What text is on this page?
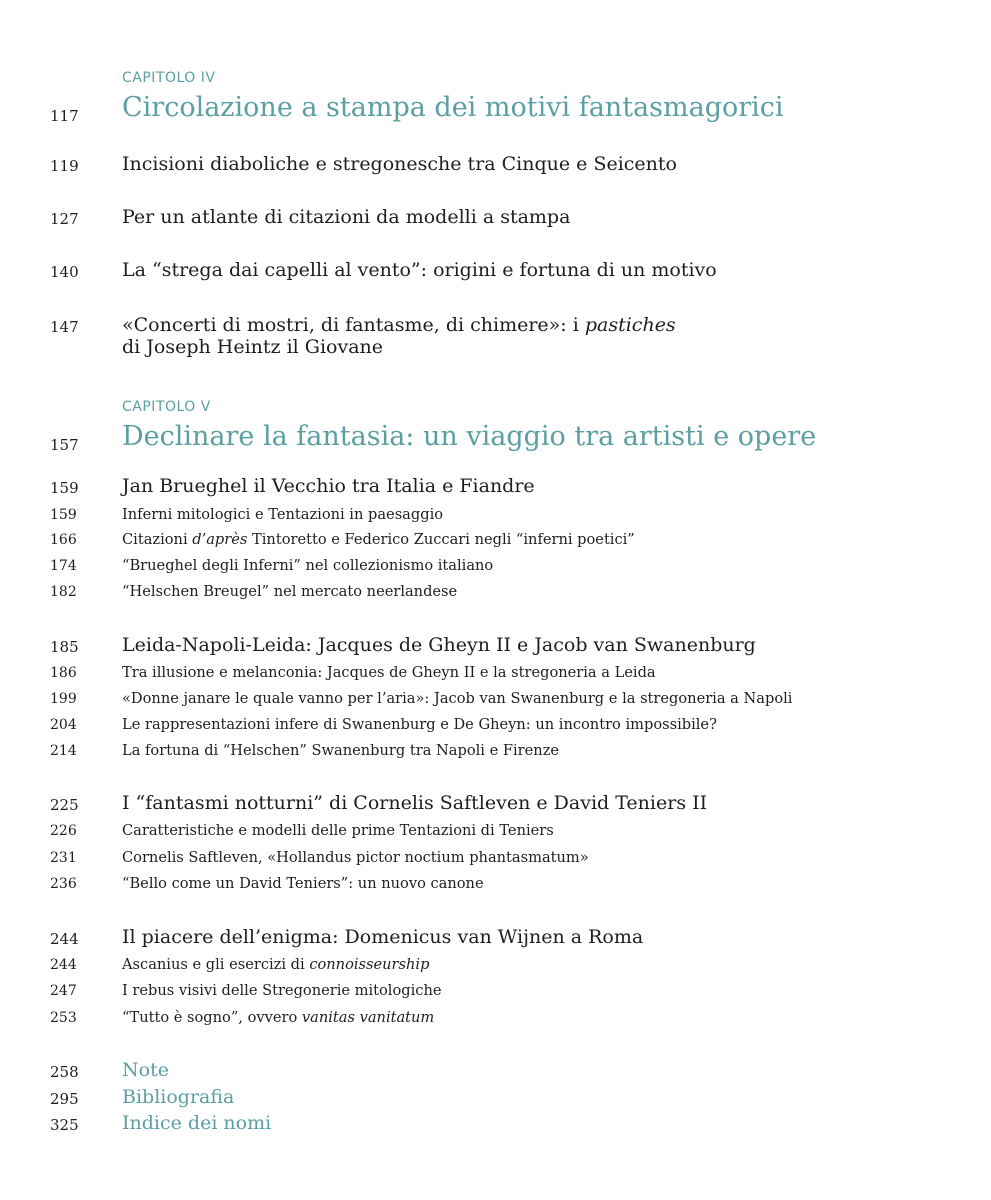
CAPITOLO IV
117 Circolazione a stampa dei motivi fantasmagorici
119 Incisioni diaboliche e stregonesche tra Cinque e Seicento
127 Per un atlante di citazioni da modelli a stampa
140 La “strega dai capelli al vento”: origini e fortuna di un motivo
147 «Concerti di mostri, di fantasme, di chimere»: i pastiches
di Joseph Heintz il Giovane
CAPITOLO V
157 Declinare la fantasia: un viaggio tra artisti e opere
159 Jan Brueghel il Vecchio tra Italia e Fiandre
159	Inferni mitologici e Tentazioni in paesaggio
166	Citazioni d’après Tintoretto e Federico Zuccari negli “inferni poetici”
174	“Brueghel degli Inferni” nel collezionismo italiano
182	“Helschen Breugel” nel mercato neerlandese
185 Leida-Napoli-Leida: Jacques de Gheyn II e Jacob van Swanenburg
186	Tra illusione e melanconia: Jacques de Gheyn II e la stregoneria a Leida
199	«Donne janare le quale vanno per l’aria»: Jacob van Swanenburg e la stregoneria a Napoli
204	Le rappresentazioni infere di Swanenburg e De Gheyn: un incontro impossibile?
214	La fortuna di “Helschen” Swanenburg tra Napoli e Firenze
225 I “fantasmi notturni” di Cornelis Saftleven e David Teniers II
226	Caratteristiche e modelli delle prime Tentazioni di Teniers
231	Cornelis Saftleven, «Hollandus pictor noctium phantasmatum»
236	“Bello come un David Teniers”: un nuovo canone
244 Il piacere dell’enigma: Domenicus van Wijnen a Roma
244	Ascanius e gli esercizi di connoisseurship
247	I rebus visivi delle Stregonerie mitologiche
253	“Tutto è sogno”, ovvero vanitas vanitatum
258 Note
295 Bibliografia
325 Indice dei nomi
